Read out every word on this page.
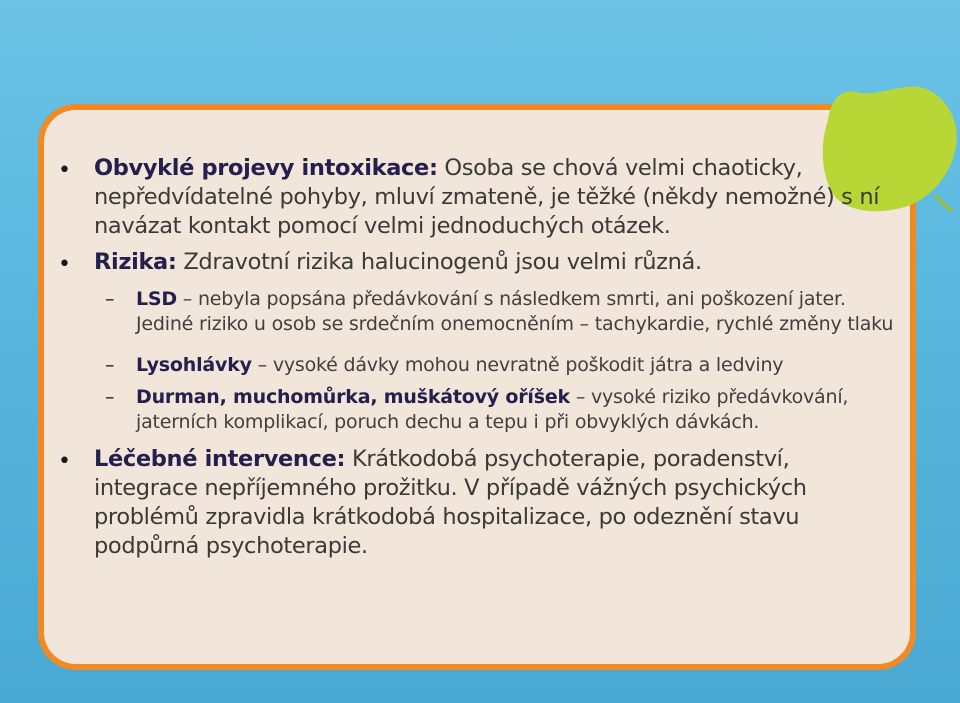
• Obvyklé projevy intoxikace: Osoba se chová velmi chaoticky, nepředvídatelné pohyby, mluví zmateně, je těžké (někdy nemožné) s ní navázat kontakt pomocí velmi jednoduchých otázek.
• Rizika: Zdravotní rizika halucinogenů jsou velmi různá.
– LSD – nebyla popsána předávkování s následkem smrti, ani poškození jater. Jediné riziko u osob se srdečním onemocněním – tachykardie, rychlé změny tlaku
– Lysohlávky – vysoké dávky mohou nevratně poškodit játra a ledviny
– Durman, muchomůrka, muškátový oříšek – vysoké riziko předávkování, jaterních komplikací, poruch dechu a tepu i při obvyklých dávkách.
• Léčebné intervence: Krátkodobá psychoterapie, poradenství, integrace nepříjemného prožitku. V případě vážných psychických problémů zpravidla krátkodobá hospitalizace, po odeznění stavu podpůrná psychoterapie.
